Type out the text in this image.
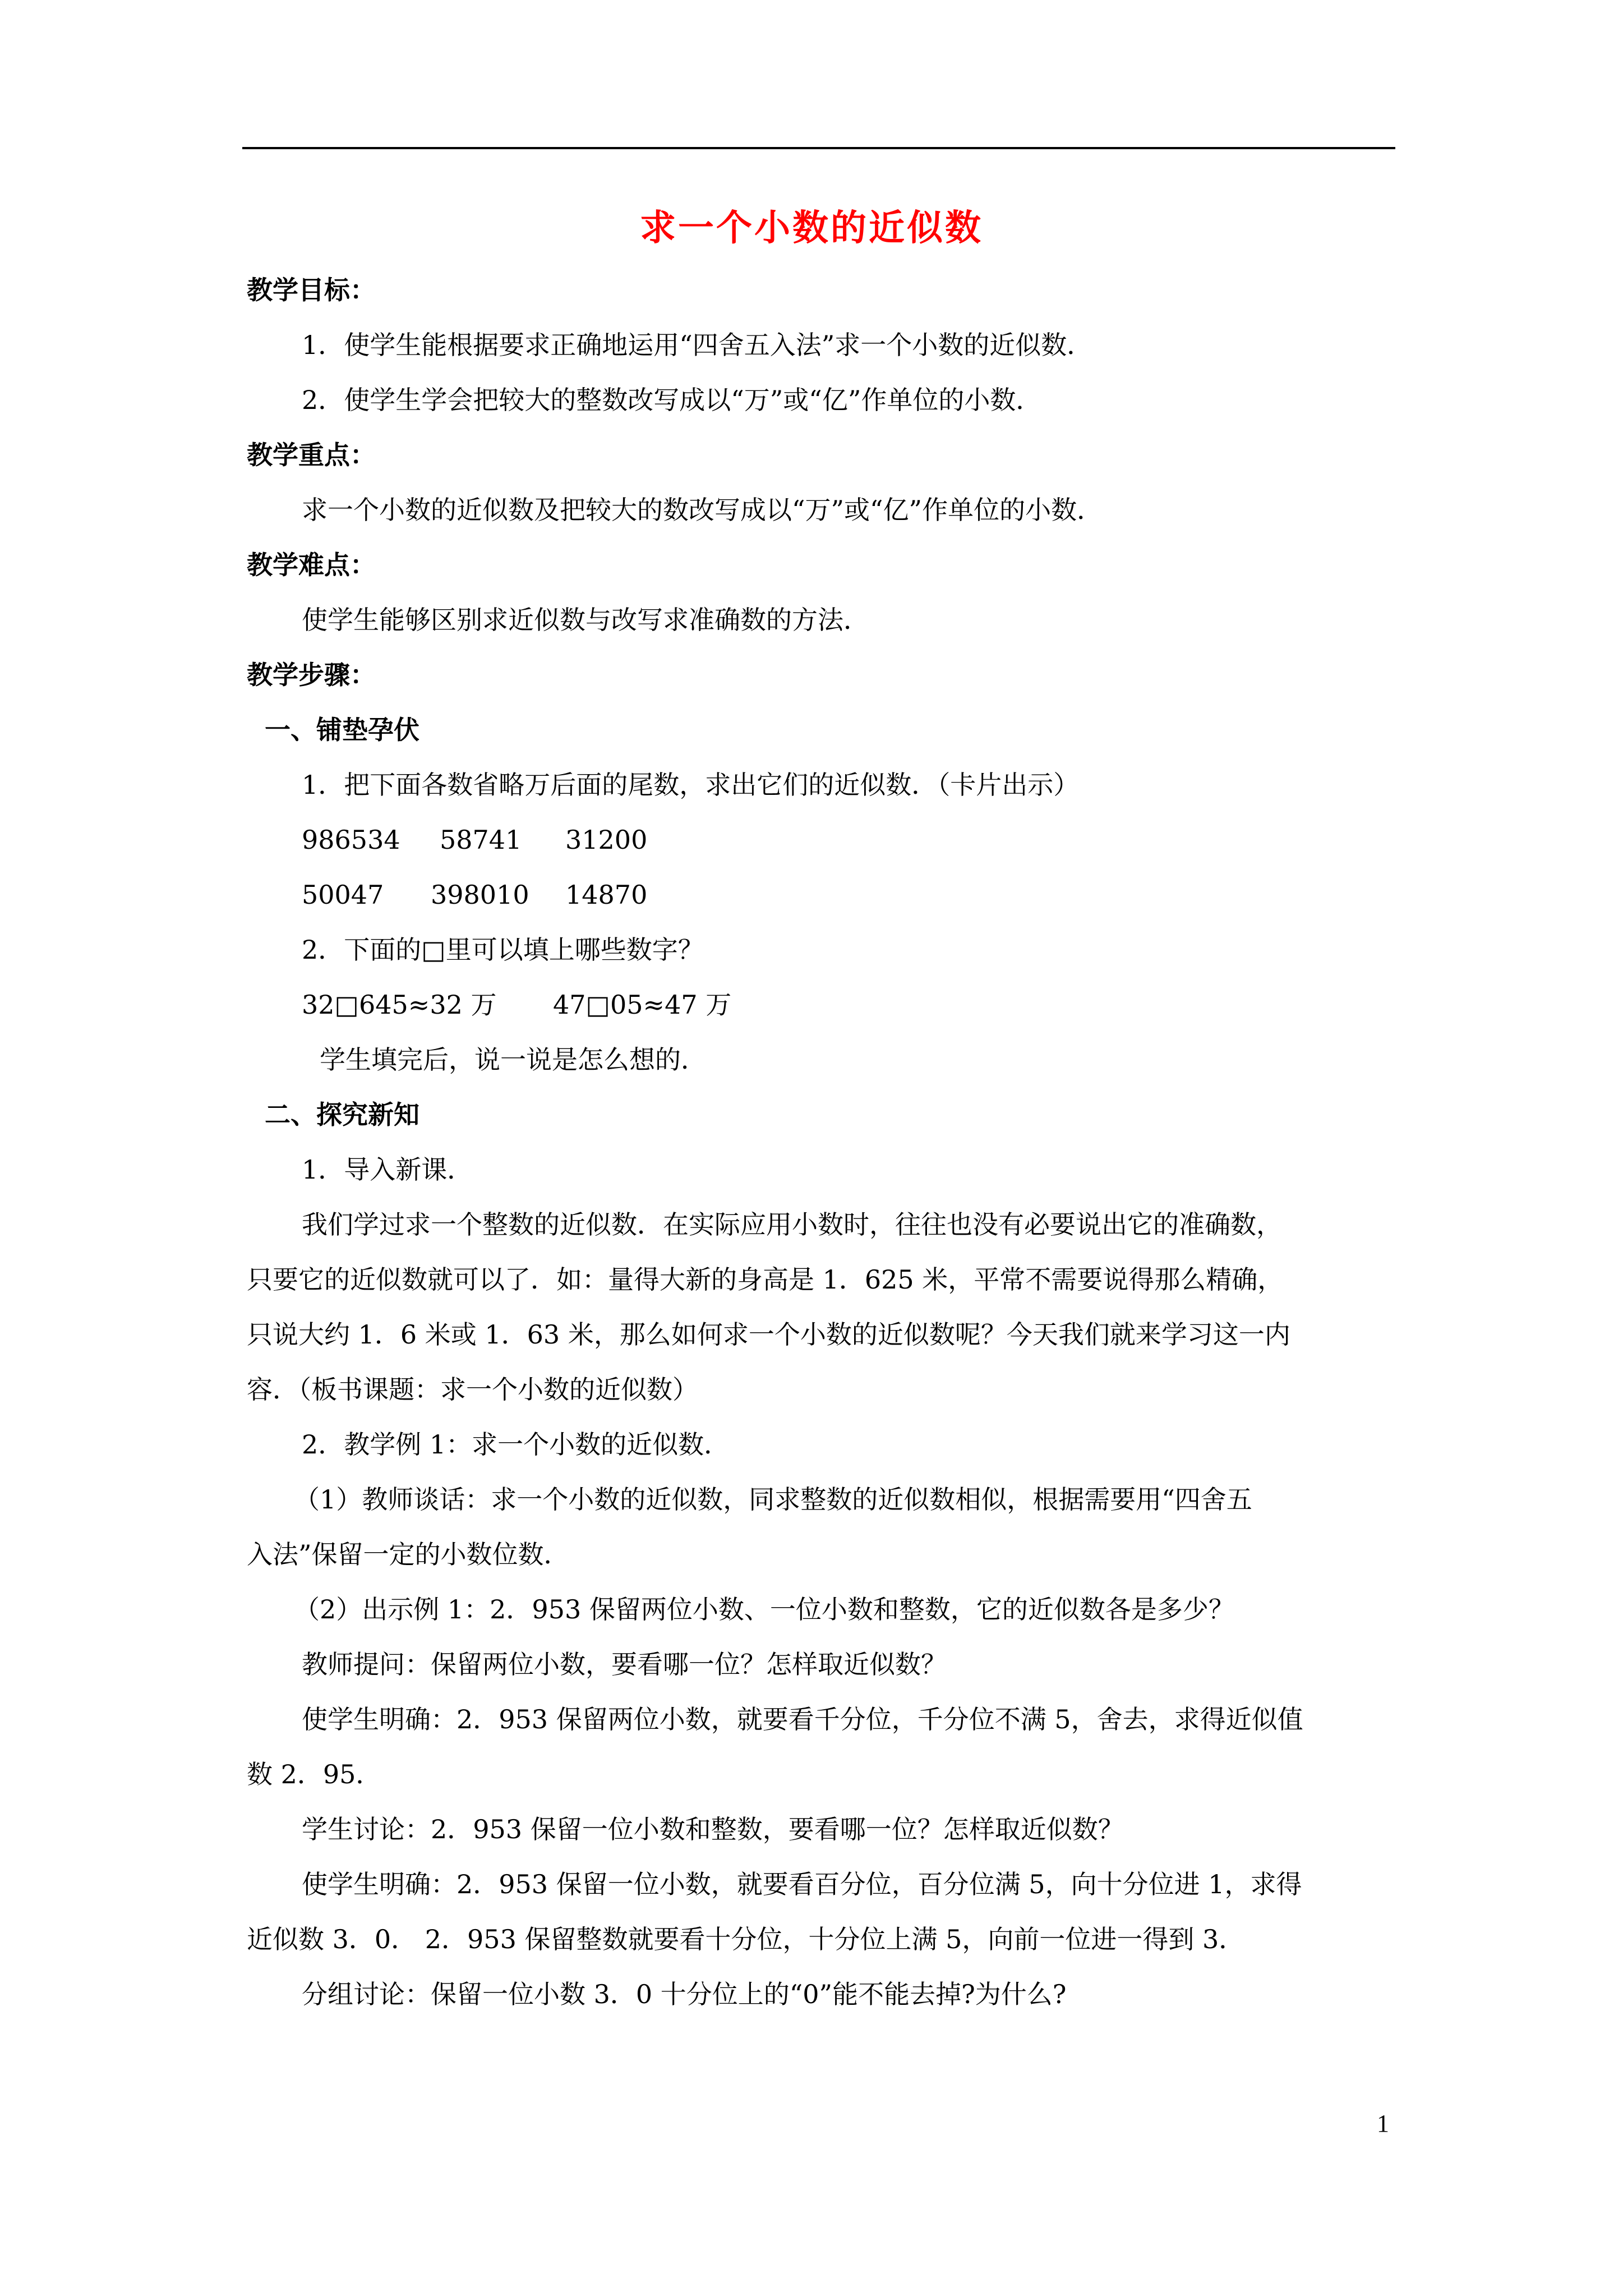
求一个小数的近似数
教学目标：
1．使学生能根据要求正确地运用“四舍五入法”求一个小数的近似数．
2．使学生学会把较大的整数改写成以“万”或“亿”作单位的小数．
教学重点：
求一个小数的近似数及把较大的数改写成以“万”或“亿”作单位的小数．
教学难点：
使学生能够区别求近似数与改写求准确数的方法．
教学步骤：
一、铺垫孕伏
1．把下面各数省略万后面的尾数，求出它们的近似数．（卡片出示）
986534 58741 31200
50047 398010 14870
2．下面的□里可以填上哪些数字？
32□645≈32 万 47□05≈47 万
学生填完后，说一说是怎么想的．
二、探究新知
1．导入新课．
我们学过求一个整数的近似数．在实际应用小数时，往往也没有必要说出它的准确数，
只要它的近似数就可以了．如：量得大新的身高是 1．625 米，平常不需要说得那么精确，
只说大约 1．6 米或 1．63 米，那么如何求一个小数的近似数呢？今天我们就来学习这一内
容．（板书课题：求一个小数的近似数）
2．教学例 1：求一个小数的近似数．
（1）教师谈话：求一个小数的近似数，同求整数的近似数相似，根据需要用“四舍五
入法”保留一定的小数位数．
（2）出示例 1：2．953 保留两位小数、一位小数和整数，它的近似数各是多少？
教师提问：保留两位小数，要看哪一位？怎样取近似数？
使学生明确：2．953 保留两位小数，就要看千分位，千分位不满 5，舍去，求得近似值
数 2．95．
学生讨论：2．953 保留一位小数和整数，要看哪一位？怎样取近似数？
使学生明确：2．953 保留一位小数，就要看百分位，百分位满 5，向十分位进 1，求得
近似数 3．0． 2．953 保留整数就要看十分位，十分位上满 5，向前一位进一得到 3．
分组讨论：保留一位小数 3．0 十分位上的“0”能不能去掉?为什么?
1
